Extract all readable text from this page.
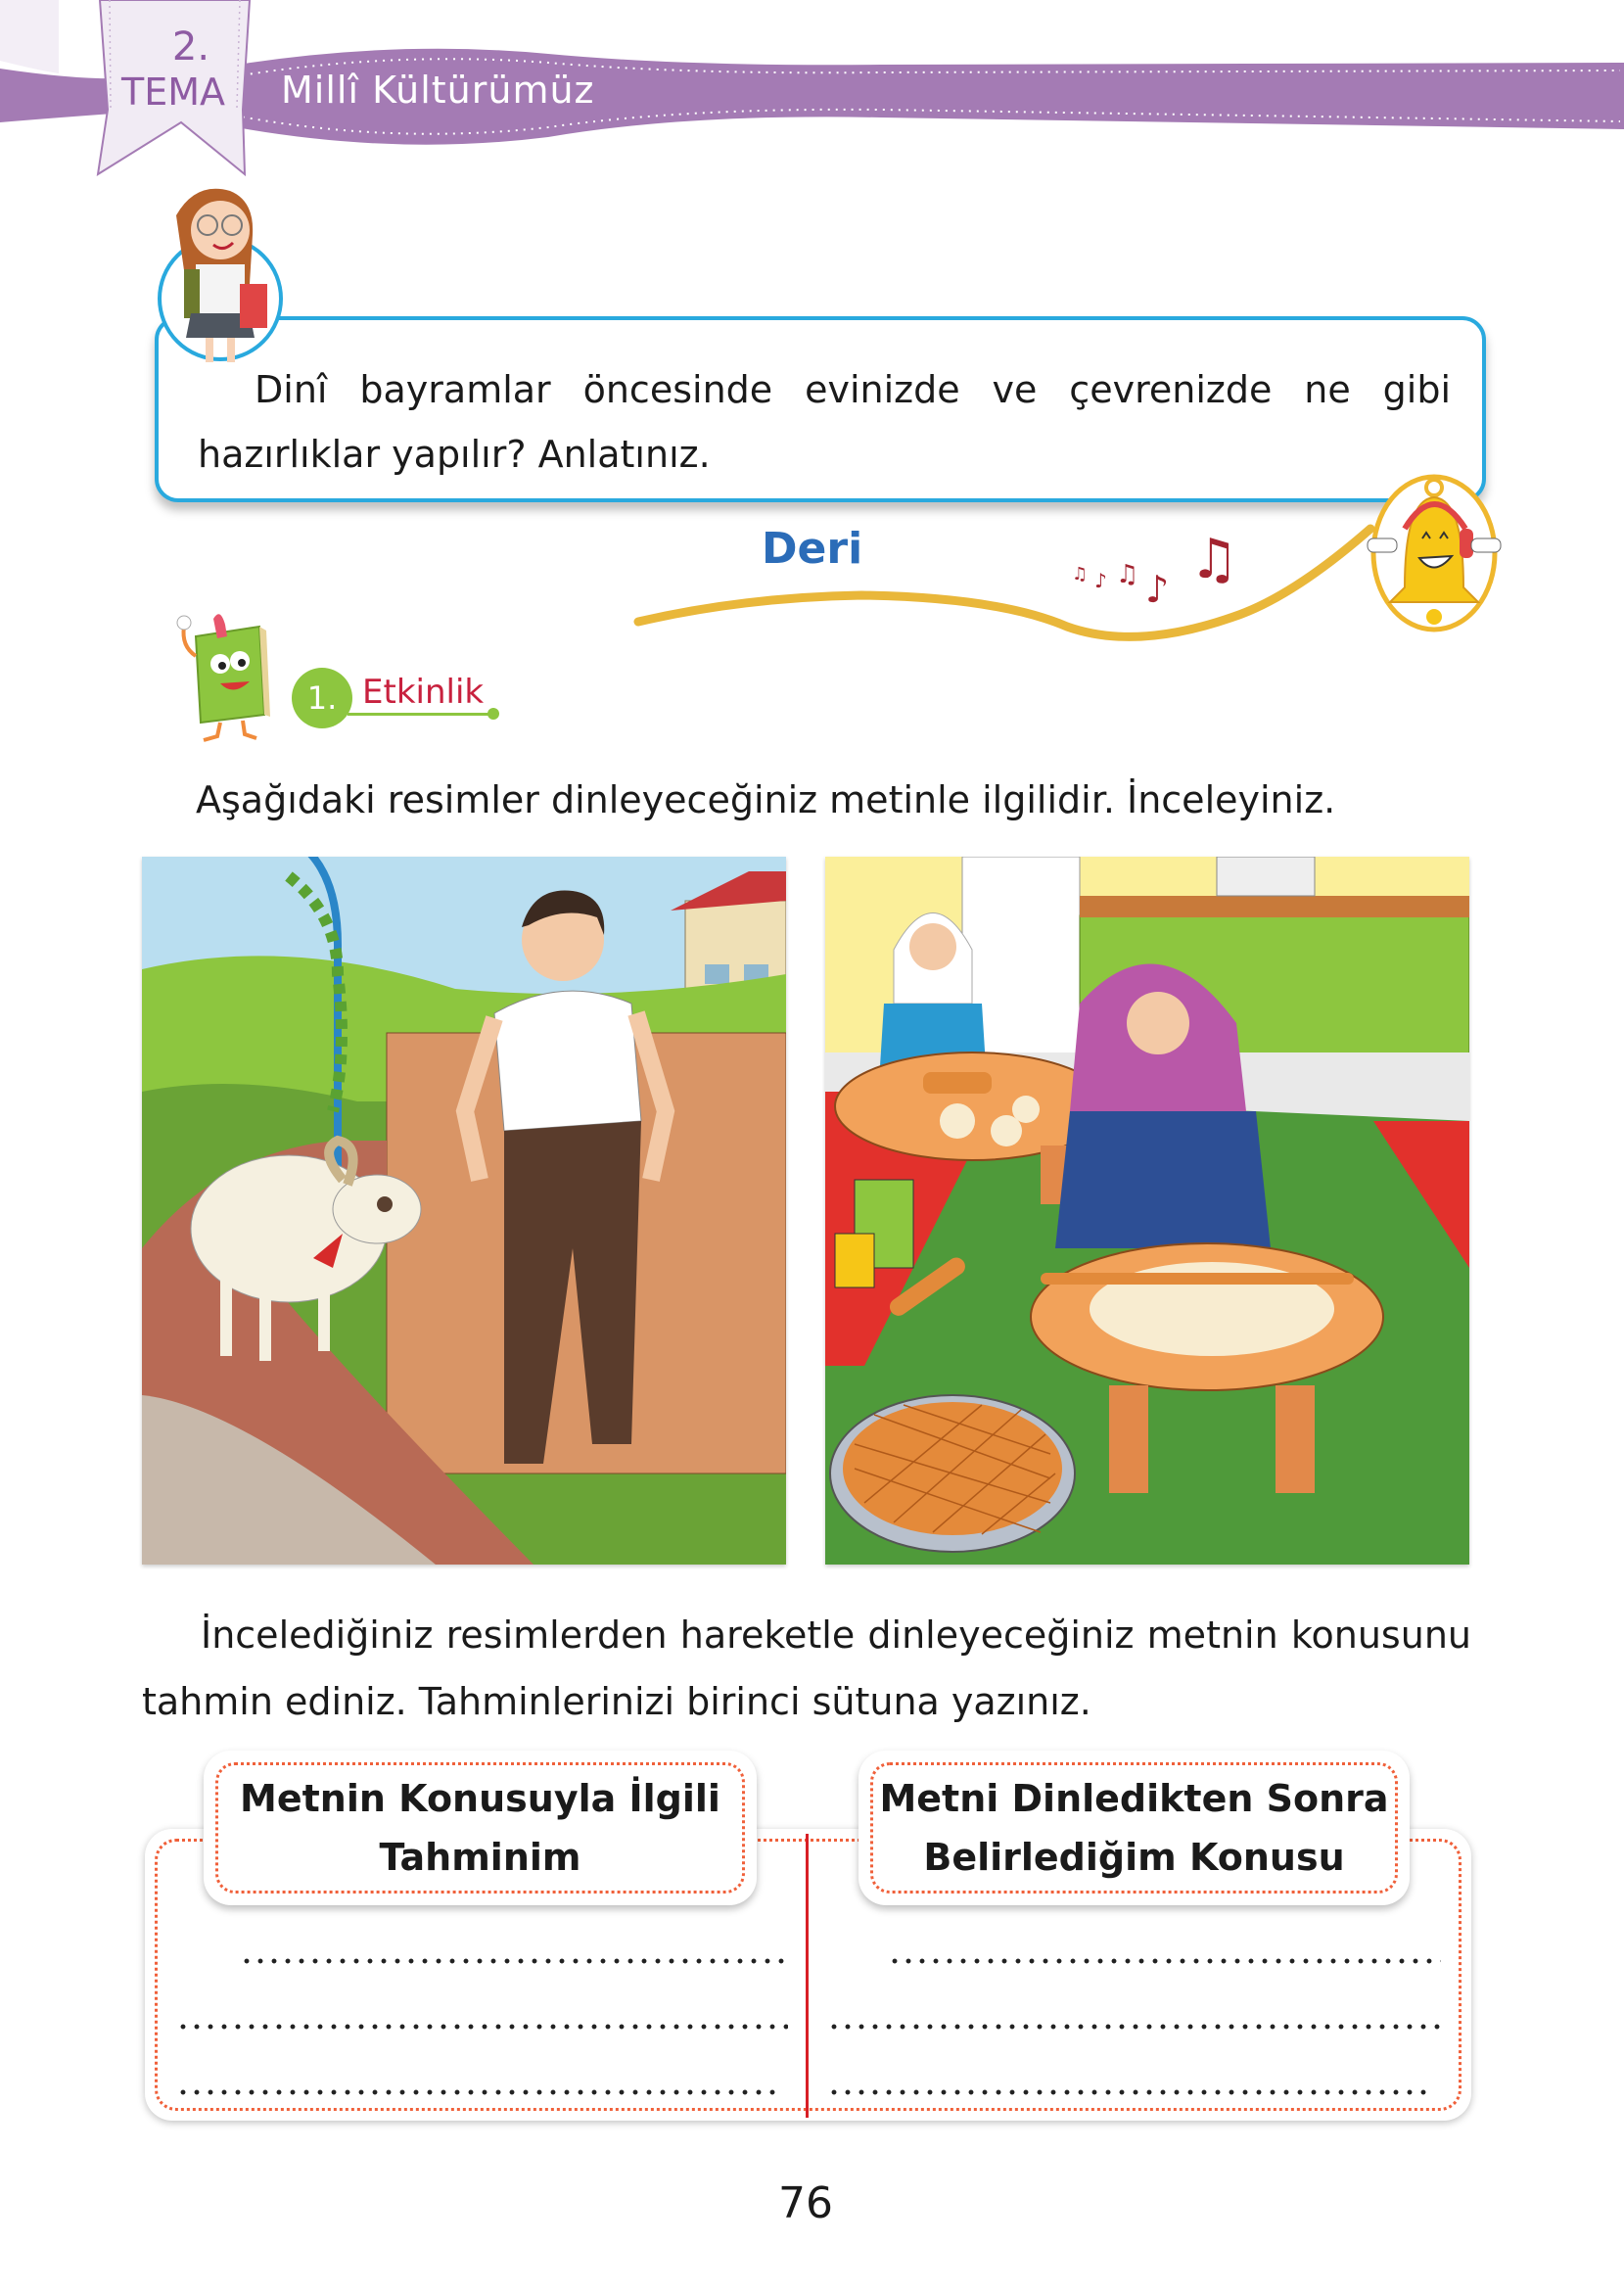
2.
TEMA	Millî Kültürümüz
Dinî bayramlar öncesinde evinizde ve çevrenizde ne gibi hazırlıklar yapılır? Anlatınız.
♫ ♪ ♫ ♪ ♫
Deri
1. Etkinlik
Aşağıdaki resimler dinleyeceğiniz metinle ilgilidir. İnceleyiniz.
İncelediğiniz resimlerden hareketle dinleyeceğiniz metnin konusunu tahmin ediniz. Tahminlerinizi birinci sütuna yazınız.
Metnin Konusuyla İlgili
Tahminim
Metni Dinledikten Sonra
Belirlediğim Konusu
76
